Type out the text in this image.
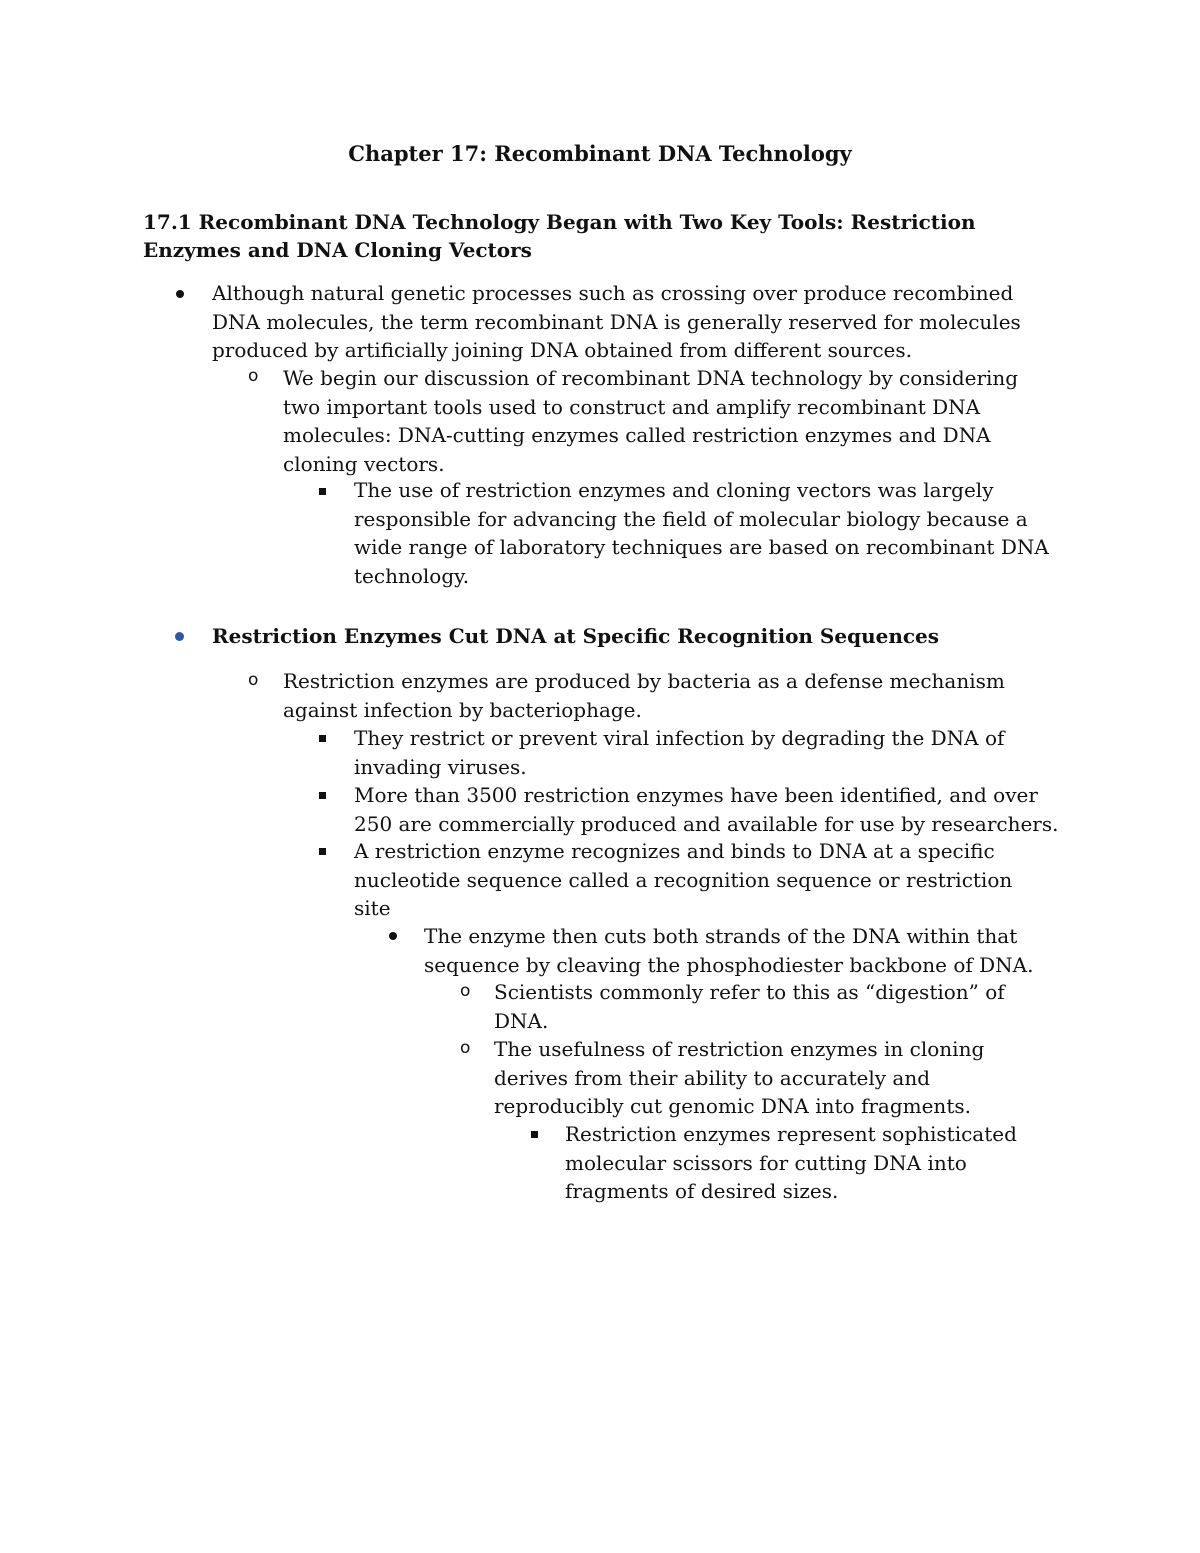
Chapter 17: Recombinant DNA Technology
17.1 Recombinant DNA Technology Began with Two Key Tools: Restriction Enzymes and DNA Cloning Vectors

Although natural genetic processes such as crossing over produce recombined DNA molecules, the term recombinant DNA is generally reserved for molecules produced by artificially joining DNA obtained from different sources.

o We begin our discussion of recombinant DNA technology by considering two important tools used to construct and amplify recombinant DNA molecules: DNA-cutting enzymes called restriction enzymes and DNA cloning vectors.

The use of restriction enzymes and cloning vectors was largely responsible for advancing the field of molecular biology because a wide range of laboratory techniques are based on recombinant DNA technology.

Restriction Enzymes Cut DNA at Specific Recognition Sequences

o Restriction enzymes are produced by bacteria as a defense mechanism against infection by bacteriophage.

They restrict or prevent viral infection by degrading the DNA of invading viruses.

More than 3500 restriction enzymes have been identified, and over 250 are commercially produced and available for use by researchers.

A restriction enzyme recognizes and binds to DNA at a specific nucleotide sequence called a recognition sequence or restriction site

The enzyme then cuts both strands of the DNA within that sequence by cleaving the phosphodiester backbone of DNA.

o Scientists commonly refer to this as “digestion” of DNA.

o The usefulness of restriction enzymes in cloning derives from their ability to accurately and reproducibly cut genomic DNA into fragments.

Restriction enzymes represent sophisticated molecular scissors for cutting DNA into fragments of desired sizes.
